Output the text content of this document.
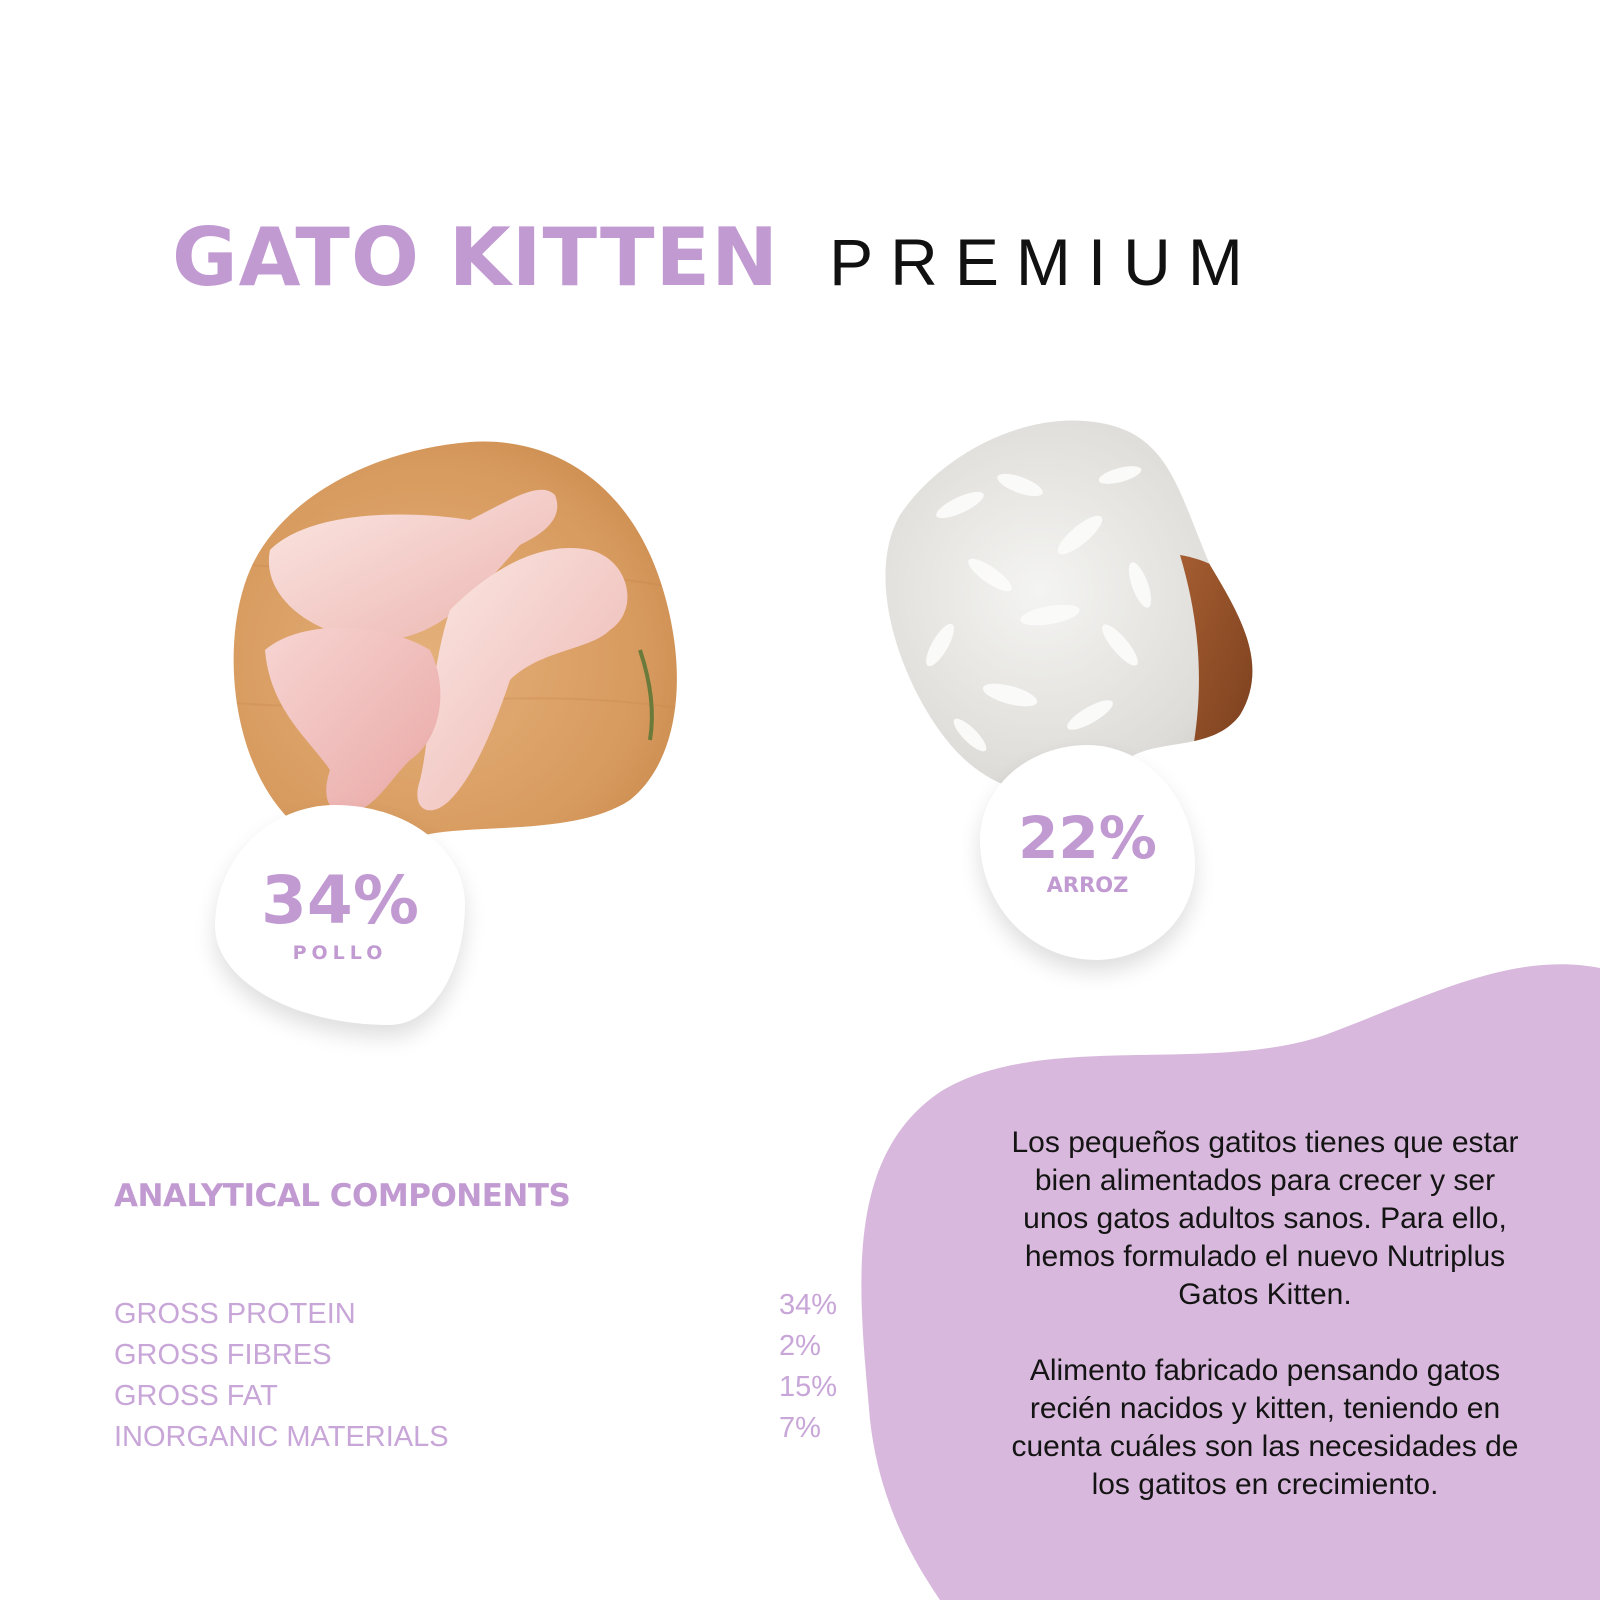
GATO KITTEN PREMIUM
34%
POLLO
22%
ARROZ
ANALYTICAL COMPONENTS
GROSS PROTEIN	34%
GROSS FIBRES	2%
GROSS FAT	15%
INORGANIC MATERIALS	7%

Los pequeños gatitos tienes que estar bien alimentados para crecer y ser unos gatos adultos sanos. Para ello, hemos formulado el nuevo Nutriplus Gatos Kitten.

Alimento fabricado pensando gatos recién nacidos y kitten, teniendo en cuenta cuáles son las necesidades de los gatitos en crecimiento.
